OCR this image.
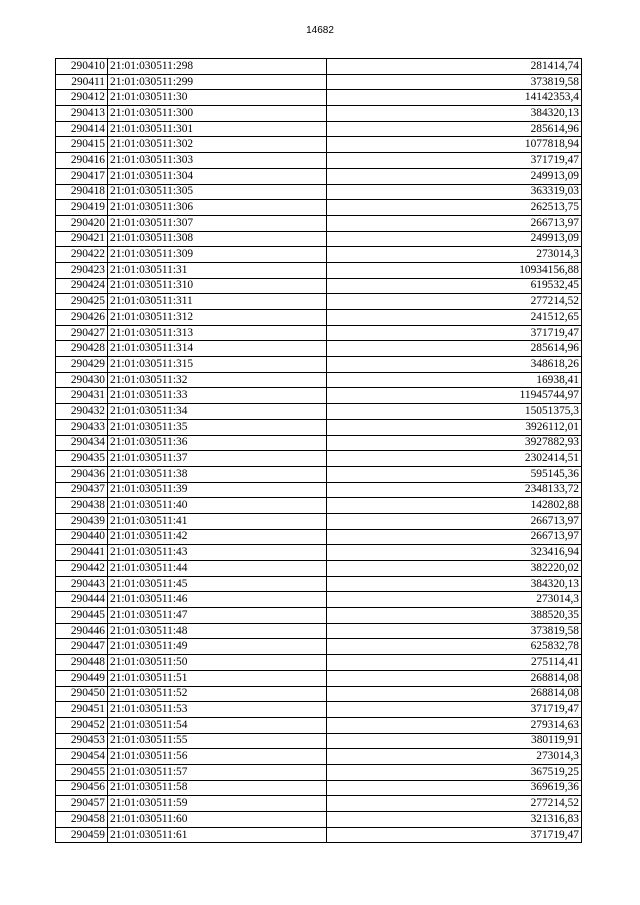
14682
290410	21:01:030511:298	281414,74
290411	21:01:030511:299	373819,58
290412	21:01:030511:30	14142353,4
290413	21:01:030511:300	384320,13
290414	21:01:030511:301	285614,96
290415	21:01:030511:302	1077818,94
290416	21:01:030511:303	371719,47
290417	21:01:030511:304	249913,09
290418	21:01:030511:305	363319,03
290419	21:01:030511:306	262513,75
290420	21:01:030511:307	266713,97
290421	21:01:030511:308	249913,09
290422	21:01:030511:309	273014,3
290423	21:01:030511:31	10934156,88
290424	21:01:030511:310	619532,45
290425	21:01:030511:311	277214,52
290426	21:01:030511:312	241512,65
290427	21:01:030511:313	371719,47
290428	21:01:030511:314	285614,96
290429	21:01:030511:315	348618,26
290430	21:01:030511:32	16938,41
290431	21:01:030511:33	11945744,97
290432	21:01:030511:34	15051375,3
290433	21:01:030511:35	3926112,01
290434	21:01:030511:36	3927882,93
290435	21:01:030511:37	2302414,51
290436	21:01:030511:38	595145,36
290437	21:01:030511:39	2348133,72
290438	21:01:030511:40	142802,88
290439	21:01:030511:41	266713,97
290440	21:01:030511:42	266713,97
290441	21:01:030511:43	323416,94
290442	21:01:030511:44	382220,02
290443	21:01:030511:45	384320,13
290444	21:01:030511:46	273014,3
290445	21:01:030511:47	388520,35
290446	21:01:030511:48	373819,58
290447	21:01:030511:49	625832,78
290448	21:01:030511:50	275114,41
290449	21:01:030511:51	268814,08
290450	21:01:030511:52	268814,08
290451	21:01:030511:53	371719,47
290452	21:01:030511:54	279314,63
290453	21:01:030511:55	380119,91
290454	21:01:030511:56	273014,3
290455	21:01:030511:57	367519,25
290456	21:01:030511:58	369619,36
290457	21:01:030511:59	277214,52
290458	21:01:030511:60	321316,83
290459	21:01:030511:61	371719,47
